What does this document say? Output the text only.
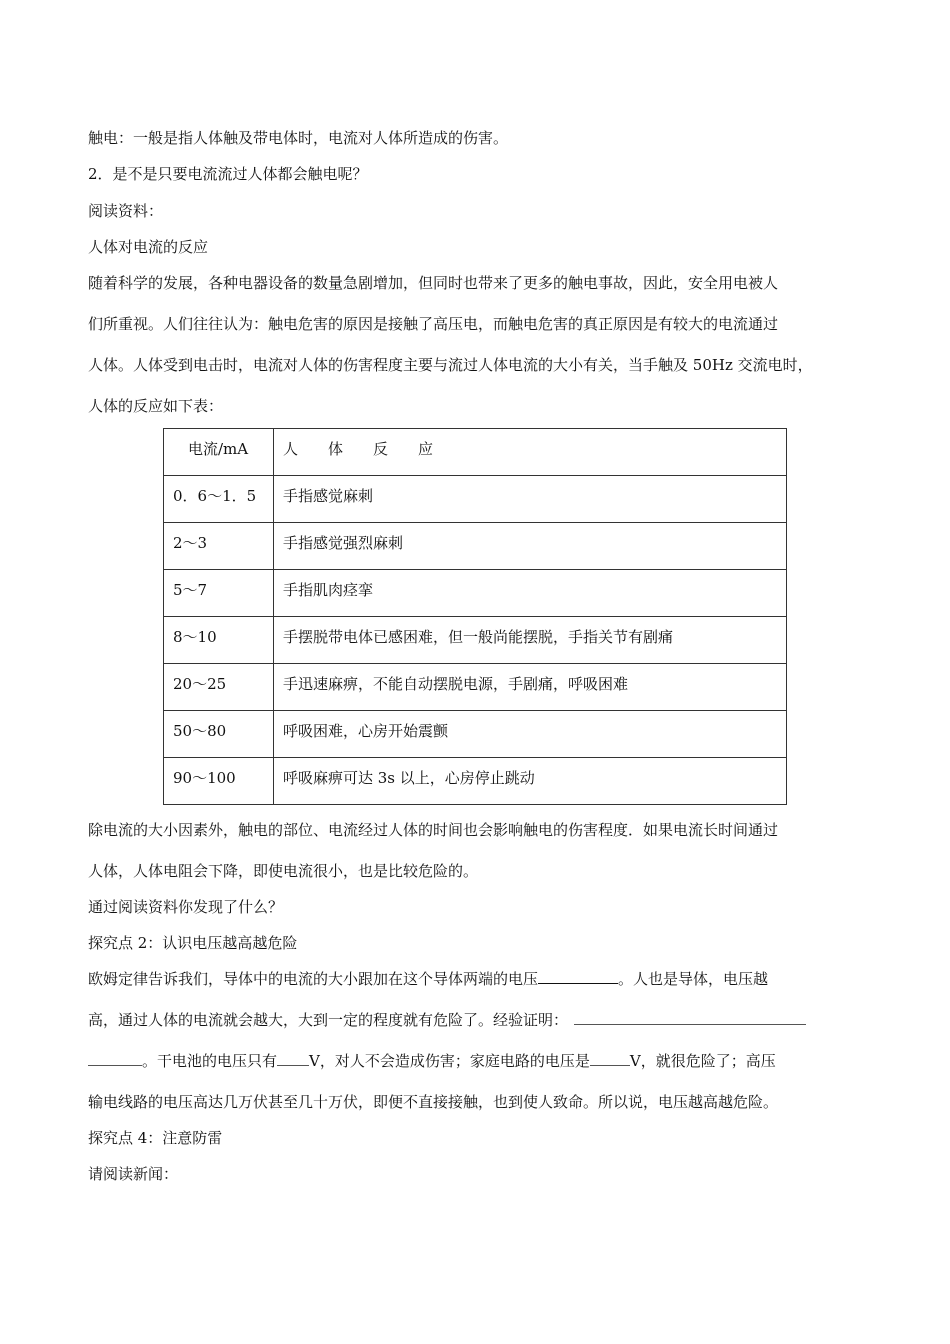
触电：一般是指人体触及带电体时，电流对人体所造成的伤害。
2．是不是只要电流流过人体都会触电呢？
阅读资料：
人体对电流的反应
随着科学的发展，各种电器设备的数量急剧增加，但同时也带来了更多的触电事故，因此，安全用电被人
们所重视。人们往往认为：触电危害的原因是接触了高压电，而触电危害的真正原因是有较大的电流通过
人体。人体受到电击时，电流对人体的伤害程度主要与流过人体电流的大小有关，当手触及 50Hz 交流电时，
人体的反应如下表：
电流/mA	人　　体　　反　　应
0．6～1．5	手指感觉麻刺
2～3	手指感觉强烈麻刺
5～7	手指肌肉痉挛
8～10	手摆脱带电体已感困难，但一般尚能摆脱，手指关节有剧痛
20～25	手迅速麻痹，不能自动摆脱电源，手剧痛，呼吸困难
50～80	呼吸困难，心房开始震颤
90～100	呼吸麻痹可达 3s 以上，心房停止跳动
除电流的大小因素外，触电的部位、电流经过人体的时间也会影响触电的伤害程度．如果电流长时间通过
人体，人体电阻会下降，即使电流很小，也是比较危险的。
通过阅读资料你发现了什么？
探究点 2：认识电压越高越危险
欧姆定律告诉我们，导体中的电流的大小跟加在这个导体两端的电压	。人也是导体，电压越
高，通过人体的电流就会越大，大到一定的程度就有危险了。经验证明：
。干电池的电压只有 V，对人不会造成伤害；家庭电路的电压是	V，就很危险了；高压
输电线路的电压高达几万伏甚至几十万伏，即便不直接接触，也到使人致命。所以说，电压越高越危险。
探究点 4：注意防雷
请阅读新闻：
